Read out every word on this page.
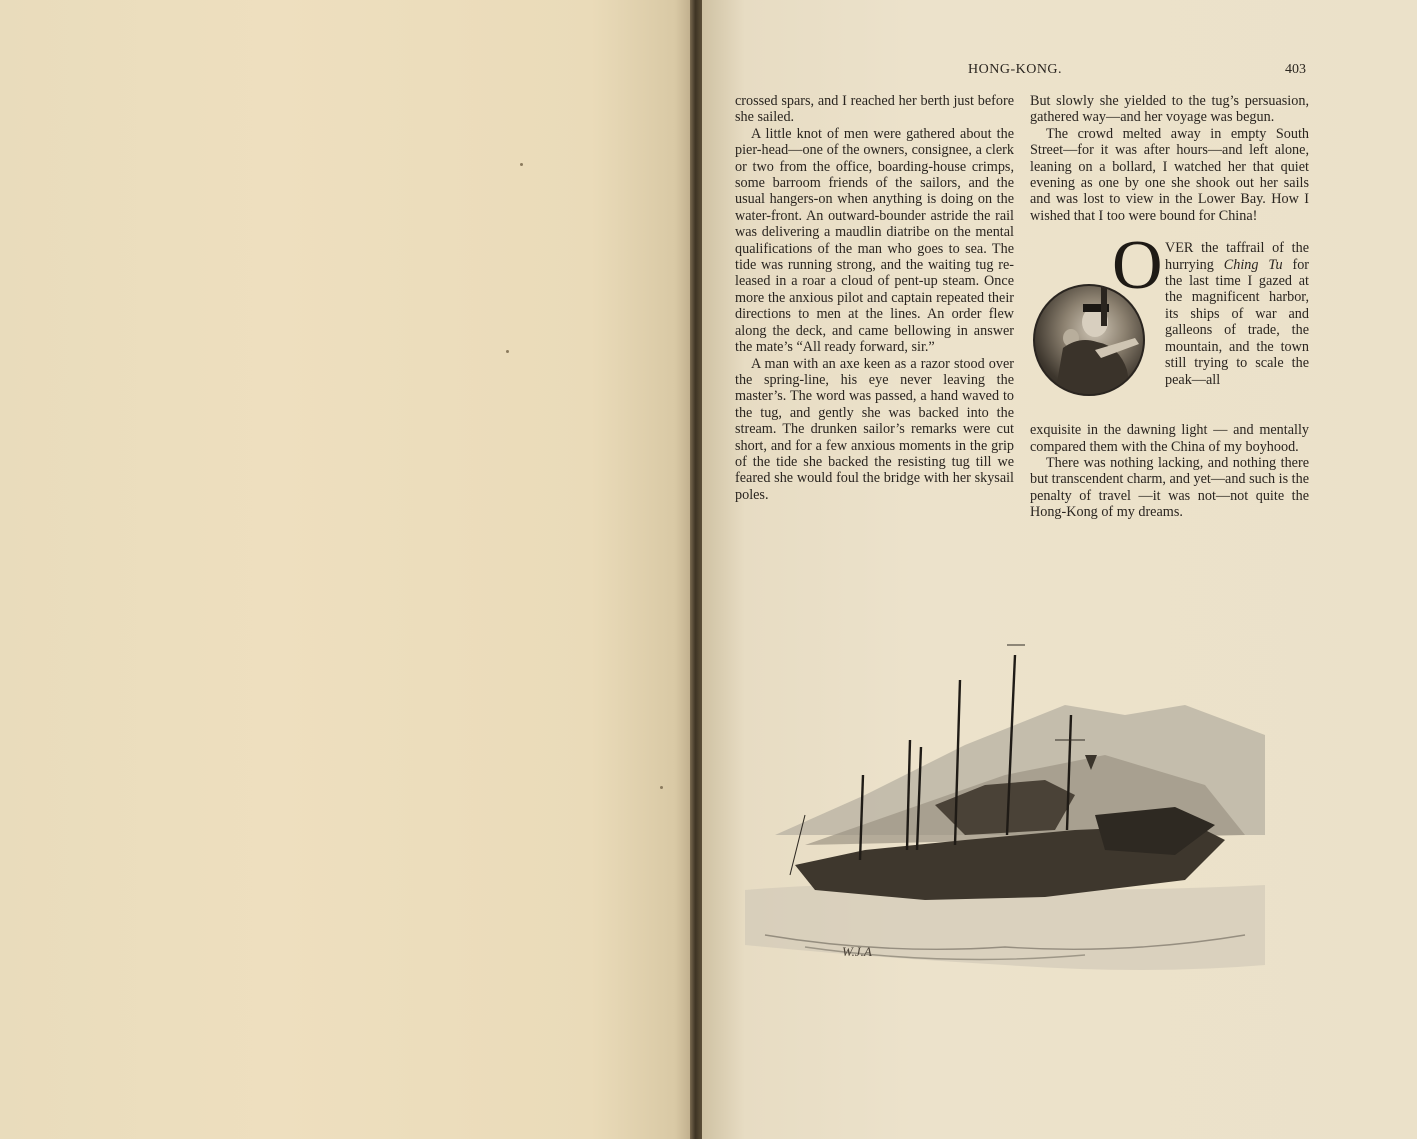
HONG-KONG.	403

crossed spars, and I reached her berth just before she sailed.

A little knot of men were gathered about the pier-head—one of the owners, consignee, a clerk or two from the office, boarding-house crimps, some barroom friends of the sailors, and the usual hangers-on when anything is doing on the water-front. An outward-bounder astride the rail was delivering a maudlin diatribe on the mental qualifications of the man who goes to sea. The tide was running strong, and the waiting tug released in a roar a cloud of pent-up steam. Once more the anxious pilot and captain repeated their directions to men at the lines. An order flew along the deck, and came bellowing in answer the mate’s “All ready forward, sir.”

A man with an axe keen as a razor stood over the spring-line, his eye never leaving the master’s. The word was passed, a hand waved to the tug, and gently she was backed into the stream. The drunken sailor’s remarks were cut short, and for a few anxious moments in the grip of the tide she backed the resisting tug till we feared she would foul the bridge with her skysail poles.

But slowly she yielded to the tug’s persuasion, gathered way—and her voyage was begun.

The crowd melted away in empty South Street—for it was after hours—and left alone, leaning on a bollard, I watched her that quiet evening as one by one she shook out her sails and was lost to view in the Lower Bay. How I wished that I too were bound for China!

O VER the taffrail of the hurrying Ching Tu for the last time I gazed at the magnificent harbor, its ships of war and galleons of trade, the mountain, and the town still trying to scale the peak—all

exquisite in the dawning light — and mentally compared them with the China of my boyhood.

There was nothing lacking, and nothing there but transcendent charm, and yet—and such is the penalty of travel —it was not—not quite the Hong-Kong of my dreams.

W.J.A
